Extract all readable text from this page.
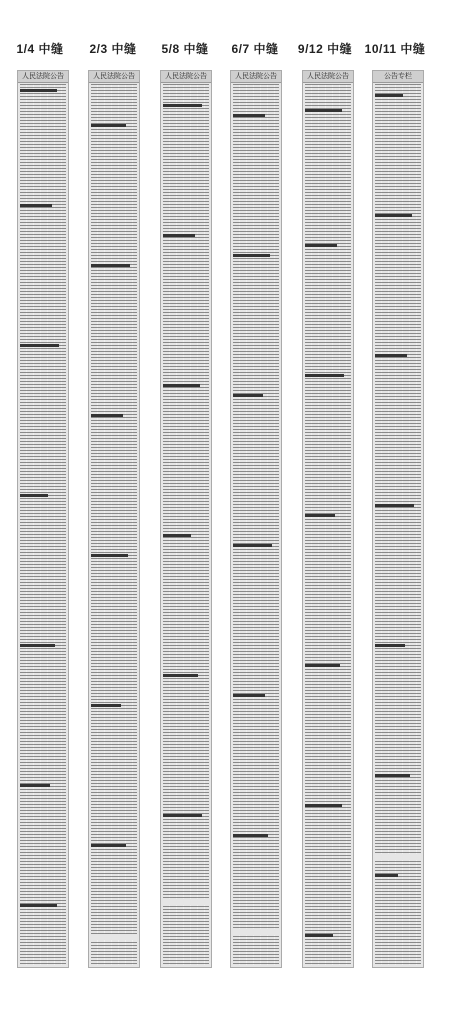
1/4 中缝	2/3 中缝	5/8 中缝	6/7 中缝	9/12 中缝	10/11 中缝
人民法院公告	人民法院公告	人民法院公告	人民法院公告	人民法院公告	公告专栏
